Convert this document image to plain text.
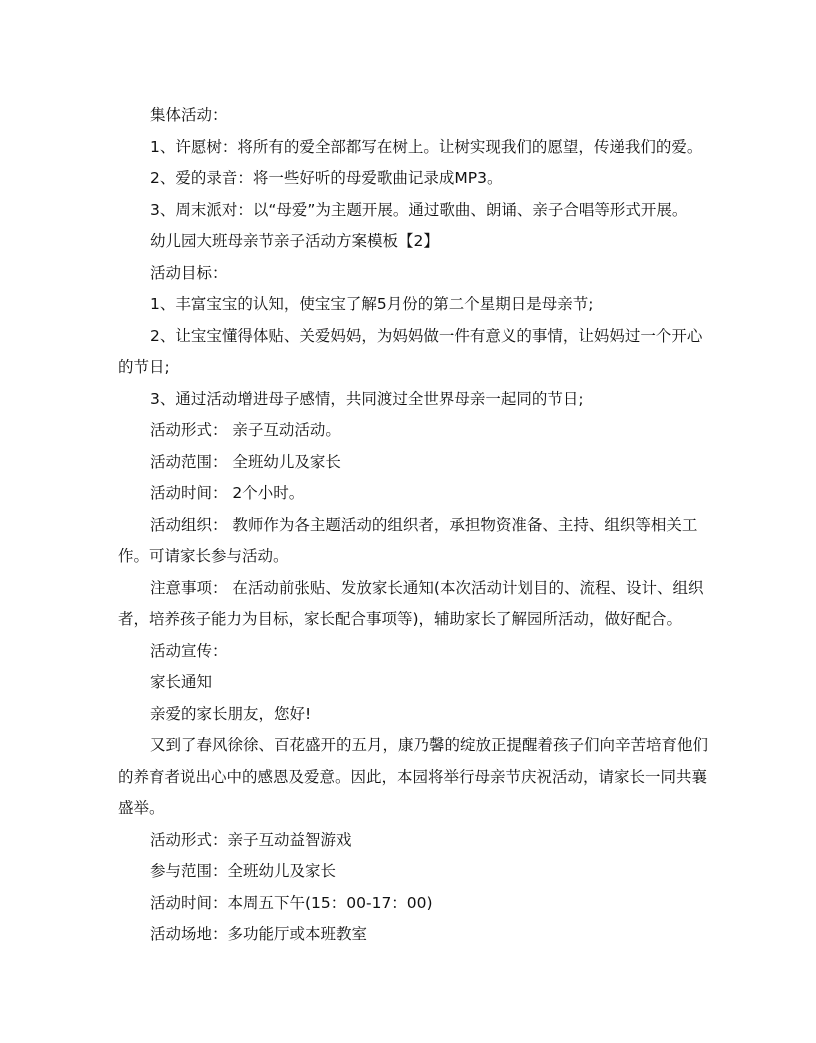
集体活动：

1、许愿树：将所有的爱全部都写在树上。让树实现我们的愿望，传递我们的爱。

2、爱的录音：将一些好听的母爱歌曲记录成MP3。

3、周末派对：以“母爱”为主题开展。通过歌曲、朗诵、亲子合唱等形式开展。

幼儿园大班母亲节亲子活动方案模板【2】

活动目标：

1、丰富宝宝的认知，使宝宝了解5月份的第二个星期日是母亲节;

2、让宝宝懂得体贴、关爱妈妈，为妈妈做一件有意义的事情，让妈妈过一个开心的节日;

3、通过活动增进母子感情，共同渡过全世界母亲一起同的节日;

活动形式： 亲子互动活动。

活动范围： 全班幼儿及家长

活动时间： 2个小时。

活动组织： 教师作为各主题活动的组织者，承担物资准备、主持、组织等相关工作。可请家长参与活动。

注意事项： 在活动前张贴、发放家长通知(本次活动计划目的、流程、设计、组织者，培养孩子能力为目标，家长配合事项等)，辅助家长了解园所活动，做好配合。

活动宣传：

家长通知

亲爱的家长朋友，您好!

又到了春风徐徐、百花盛开的五月，康乃馨的绽放正提醒着孩子们向辛苦培育他们的养育者说出心中的感恩及爱意。因此，本园将举行母亲节庆祝活动，请家长一同共襄盛举。

活动形式：亲子互动益智游戏

参与范围：全班幼儿及家长

活动时间：本周五下午(15：00-17：00)

活动场地：多功能厅或本班教室
